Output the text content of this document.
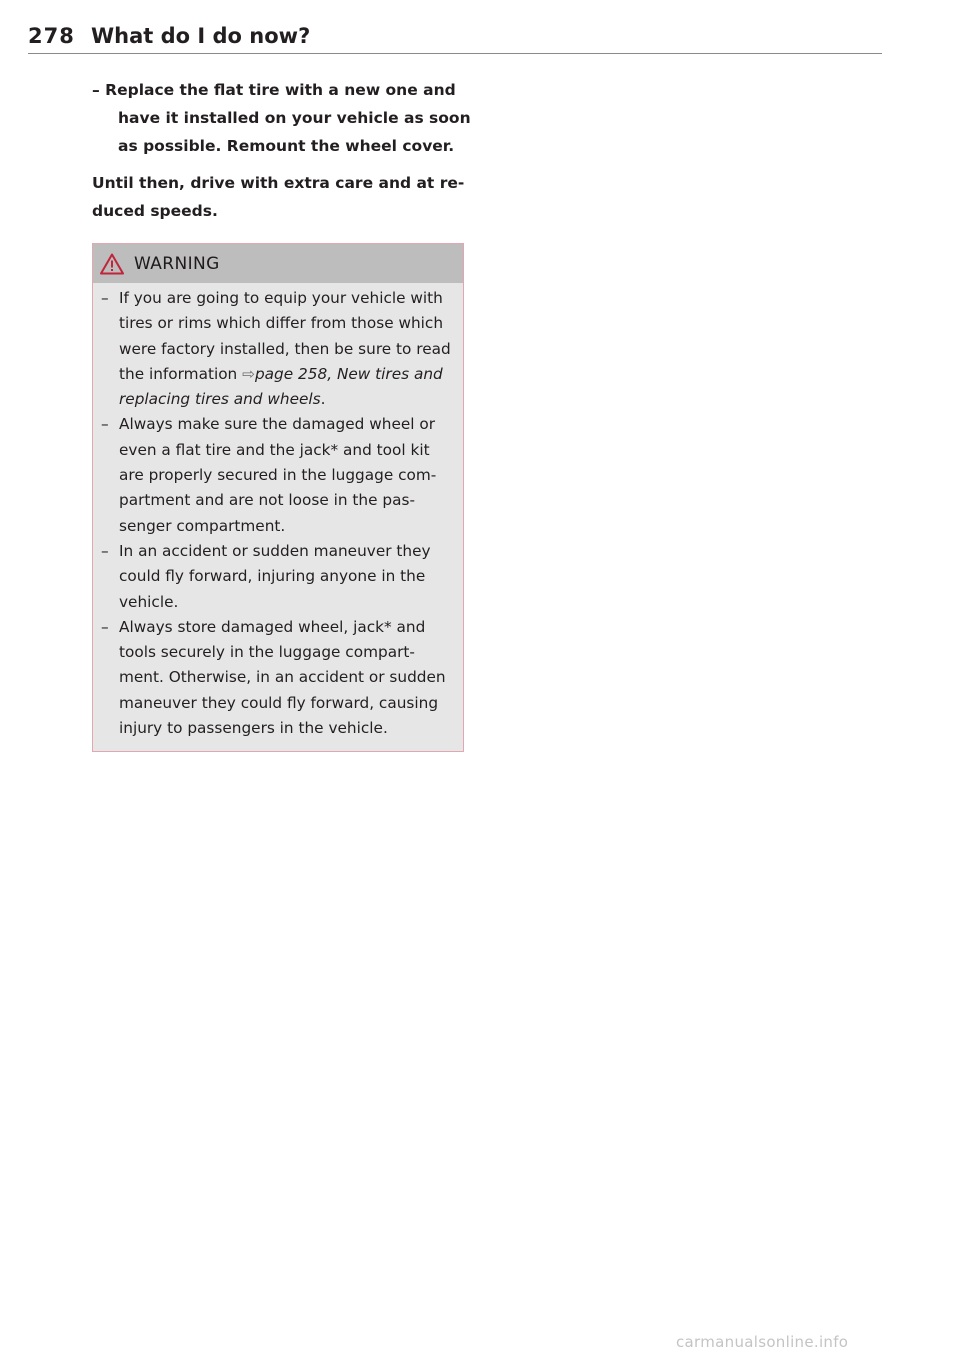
278 What do I do now?

– Replace the flat tire with a new one and have it installed on your vehicle as soon as possible. Remount the wheel cover.

Until then, drive with extra care and at reduced speeds.

WARNING
– If you are going to equip your vehicle with tires or rims which differ from those which were factory installed, then be sure to read the information ⇨page 258, New tires and replacing tires and wheels.
– Always make sure the damaged wheel or even a flat tire and the jack* and tool kit are properly secured in the luggage compartment and are not loose in the passenger compartment.
– In an accident or sudden maneuver they could fly forward, injuring anyone in the vehicle.
– Always store damaged wheel, jack* and tools securely in the luggage compartment. Otherwise, in an accident or sudden maneuver they could fly forward, causing injury to passengers in the vehicle.
carmanualsonline.info
